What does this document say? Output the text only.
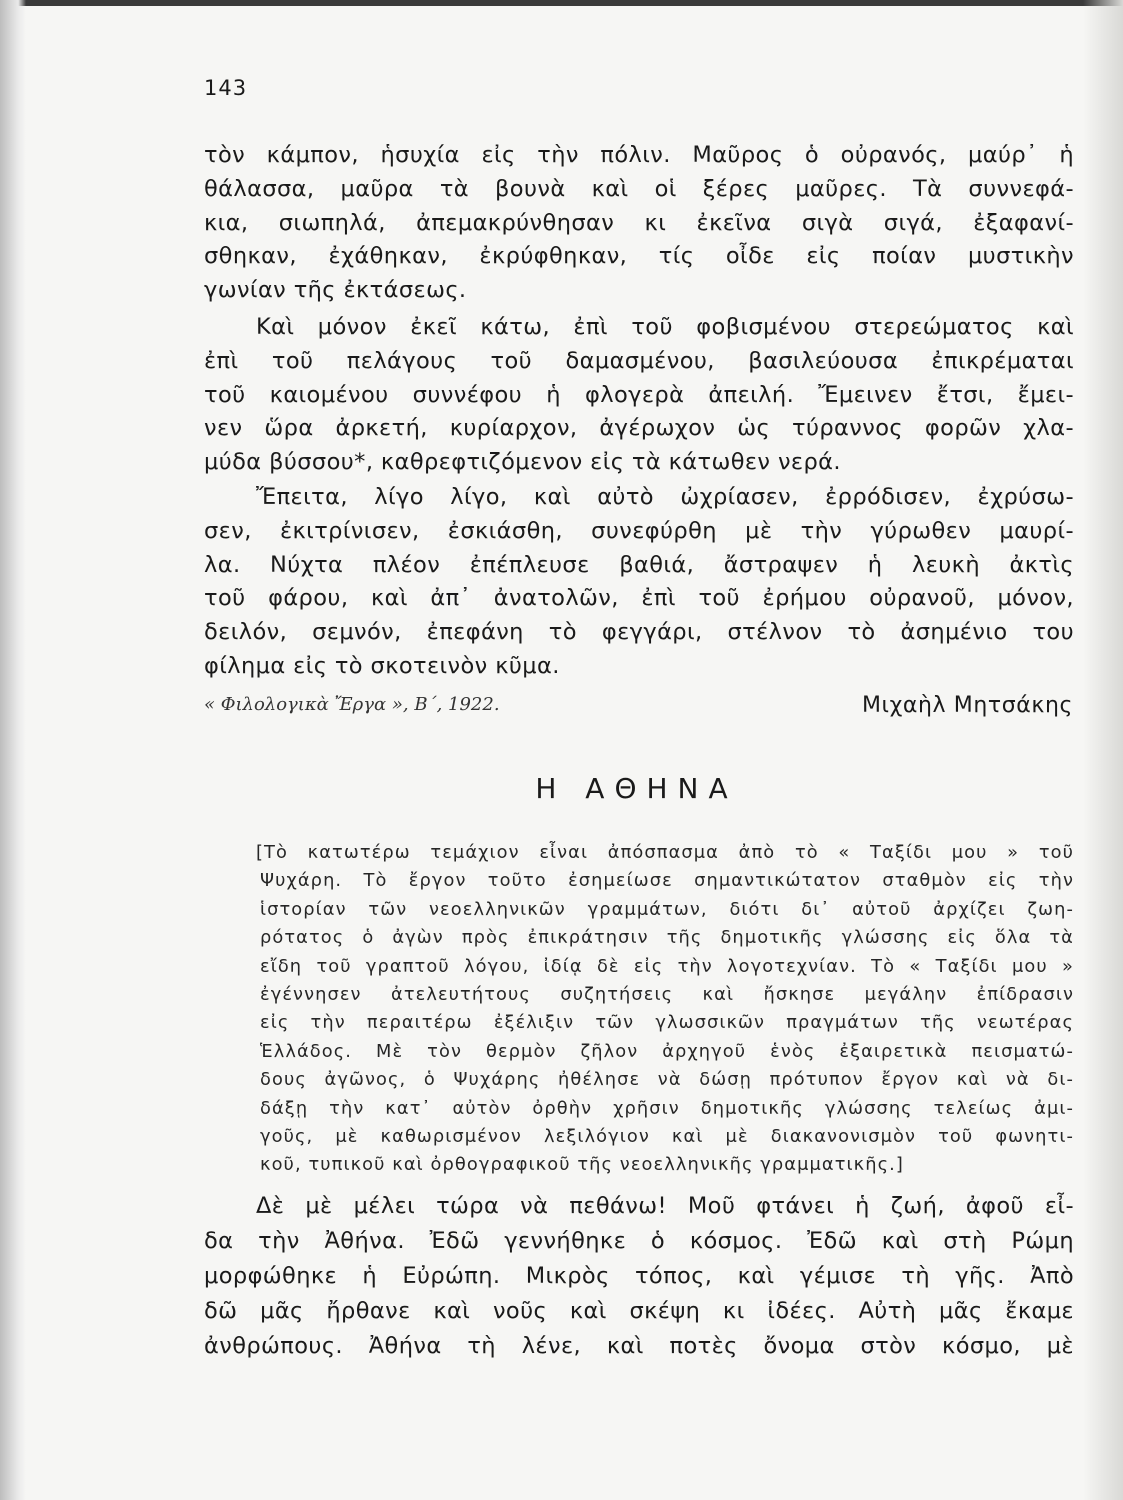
143
τὸν κάμπον, ἡσυχία εἰς τὴν πόλιν. Μαῦρος ὁ οὐρανός, μαύρ᾽ ἡ
θάλασσα, μαῦρα τὰ βουνὰ καὶ οἱ ξέρες μαῦρες. Τὰ συννεφά-
κια, σιωπηλά, ἀπεμακρύνθησαν κι ἐκεῖνα σιγὰ σιγά, ἐξαφανί-
σθηκαν, ἐχάθηκαν, ἐκρύφθηκαν, τίς οἶδε εἰς ποίαν μυστικὴν
γωνίαν τῆς ἐκτάσεως.
Καὶ μόνον ἐκεῖ κάτω, ἐπὶ τοῦ φοβισμένου στερεώματος καὶ
ἐπὶ τοῦ πελάγους τοῦ δαμασμένου, βασιλεύουσα ἐπικρέμαται
τοῦ καιομένου συννέφου ἡ φλογερὰ ἀπειλή. Ἔμεινεν ἔτσι, ἔμει-
νεν ὥρα ἀρκετή, κυρίαρχον, ἀγέρωχον ὡς τύραννος φορῶν χλα-
μύδα βύσσου*, καθρεφτιζόμενον εἰς τὰ κάτωθεν νερά.
Ἔπειτα, λίγο λίγο, καὶ αὐτὸ ὠχρίασεν, ἐρρόδισεν, ἐχρύσω-
σεν, ἐκιτρίνισεν, ἐσκιάσθη, συνεφύρθη μὲ τὴν γύρωθεν μαυρί-
λα. Νύχτα πλέον ἐπέπλευσε βαθιά, ἄστραψεν ἡ λευκὴ ἀκτὶς
τοῦ φάρου, καὶ ἀπ᾽ ἀνατολῶν, ἐπὶ τοῦ ἐρήμου οὐρανοῦ, μόνον,
δειλόν, σεμνόν, ἐπεφάνη τὸ φεγγάρι, στέλνον τὸ ἀσημένιο του
φίλημα εἰς τὸ σκοτεινὸν κῦμα.
« Φιλολογικὰ Ἔργα », Β΄, 1922.	Μιχαὴλ Μητσάκης
Η ΑΘΗΝΑ
[Τὸ κατωτέρω τεμάχιον εἶναι ἀπόσπασμα ἀπὸ τὸ « Ταξίδι μου » τοῦ
Ψυχάρη. Τὸ ἔργον τοῦτο ἐσημείωσε σημαντικώτατον σταθμὸν εἰς τὴν
ἱστορίαν τῶν νεοελληνικῶν γραμμάτων, διότι δι᾽ αὐτοῦ ἀρχίζει ζωη-
ρότατος ὁ ἀγὼν πρὸς ἐπικράτησιν τῆς δημοτικῆς γλώσσης εἰς ὅλα τὰ
εἴδη τοῦ γραπτοῦ λόγου, ἰδίᾳ δὲ εἰς τὴν λογοτεχνίαν. Τὸ « Ταξίδι μου »
ἐγέννησεν ἀτελευτήτους συζητήσεις καὶ ἤσκησε μεγάλην ἐπίδρασιν
εἰς τὴν περαιτέρω ἐξέλιξιν τῶν γλωσσικῶν πραγμάτων τῆς νεωτέρας
Ἑλλάδος. Μὲ τὸν θερμὸν ζῆλον ἀρχηγοῦ ἑνὸς ἐξαιρετικὰ πεισματώ-
δους ἀγῶνος, ὁ Ψυχάρης ἠθέλησε νὰ δώσῃ πρότυπον ἔργον καὶ νὰ δι-
δάξῃ τὴν κατ᾽ αὐτὸν ὀρθὴν χρῆσιν δημοτικῆς γλώσσης τελείως ἀμι-
γοῦς, μὲ καθωρισμένον λεξιλόγιον καὶ μὲ διακανονισμὸν τοῦ φωνητι-
κοῦ, τυπικοῦ καὶ ὀρθογραφικοῦ τῆς νεοελληνικῆς γραμματικῆς.]
Δὲ μὲ μέλει τώρα νὰ πεθάνω! Μοῦ φτάνει ἡ ζωή, ἀφοῦ εἶ-
δα τὴν Ἀθήνα. Ἐδῶ γεννήθηκε ὁ κόσμος. Ἐδῶ καὶ στὴ Ρώμη
μορφώθηκε ἡ Εὐρώπη. Μικρὸς τόπος, καὶ γέμισε τὴ γῆς. Ἀπὸ
δῶ μᾶς ἤρθανε καὶ νοῦς καὶ σκέψη κι ἰδέες. Αὐτὴ μᾶς ἔκαμε
ἀνθρώπους. Ἀθήνα τὴ λένε, καὶ ποτὲς ὄνομα στὸν κόσμο, μὲ
